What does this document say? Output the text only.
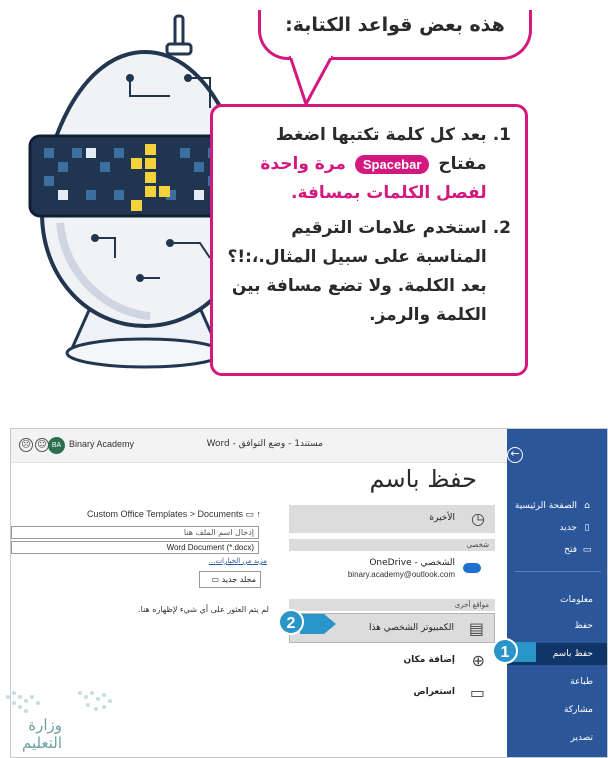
هذه بعض قواعد الكتابة:
1.
بعد كل كلمة تكتبها اضغط مفتاح Spacebar مرة واحدة لفصل الكلمات بمسافة.
2.
استخدم علامات الترقيم المناسبة على سبيل المثال.،:!؟ بعد الكلمة. ولا تضع مسافة بين الكلمة والرمز.
☹ ☺ BA Binary Academy	مستند1 - وضع التوافق - Word
←
⌂الصفحة الرئيسية
▯جديد
▭فتح
معلومات
حفظ
حفظ باسم
طباعة
مشاركة
تصدير
حفظ باسم
◷
الأخيرة
شخصي
OneDrive - الشخصي
binary.academy@outlook.com
مواقع أخرى
▤
الكمبيوتر الشخصي هذا
⊕
إضافة مكان
▭
استعراض
Custom Office Templates > Documents ▭ ↑
إدخال اسم الملف هنا
Word Document (*.docx)
مزيد من الخيارات...
مجلد جديد ▭
لم يتم العثور على أي شيء لإظهاره هنا.
2
1
وزارة التعليم
